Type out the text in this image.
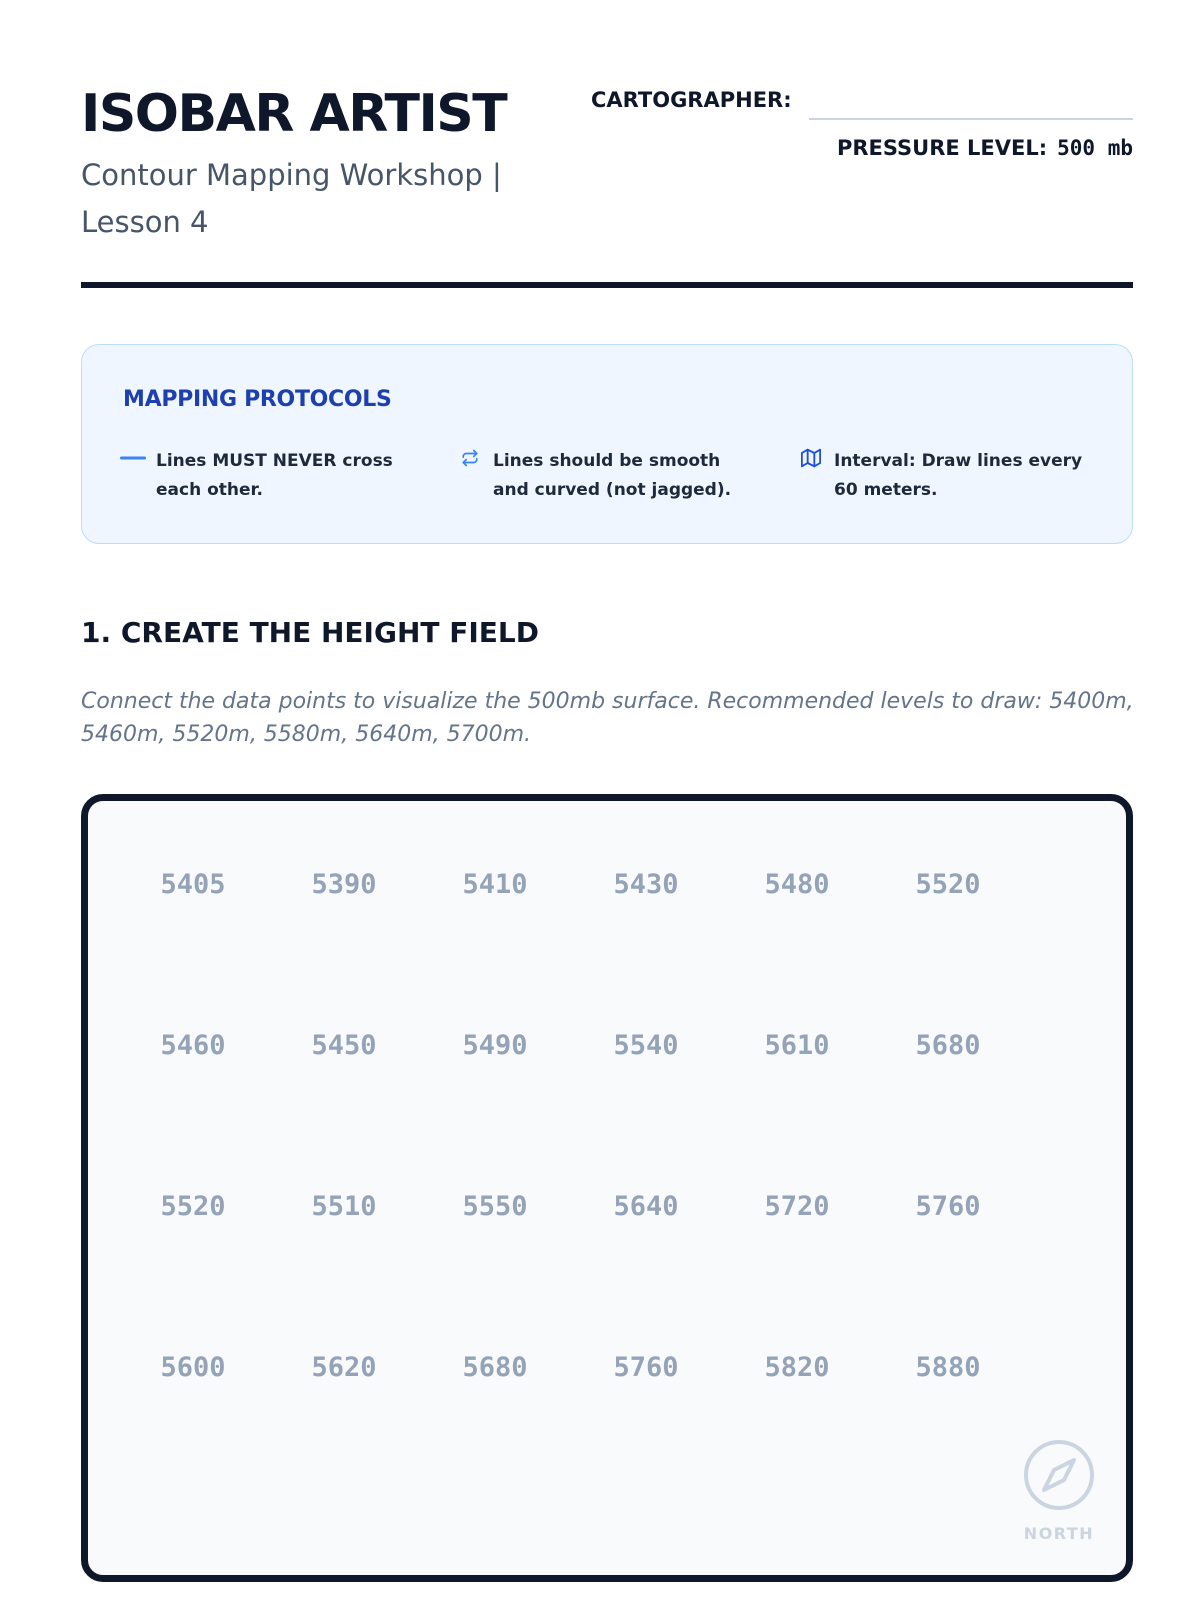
ISOBAR ARTIST
Contour Mapping Workshop | Lesson 4
CARTOGRAPHER:
PRESSURE LEVEL: 500 mb
MAPPING PROTOCOLS
Lines MUST NEVER cross each other.
Lines should be smooth and curved (not jagged).
Interval: Draw lines every 60 meters.
1. CREATE THE HEIGHT FIELD
Connect the data points to visualize the 500mb surface. Recommended levels to draw: 5400m, 5460m, 5520m, 5580m, 5640m, 5700m.
5405	5390	5410	5430	5480	5520
5460	5450	5490	5540	5610	5680
5520	5510	5550	5640	5720	5760
5600	5620	5680	5760	5820	5880
NORTH
